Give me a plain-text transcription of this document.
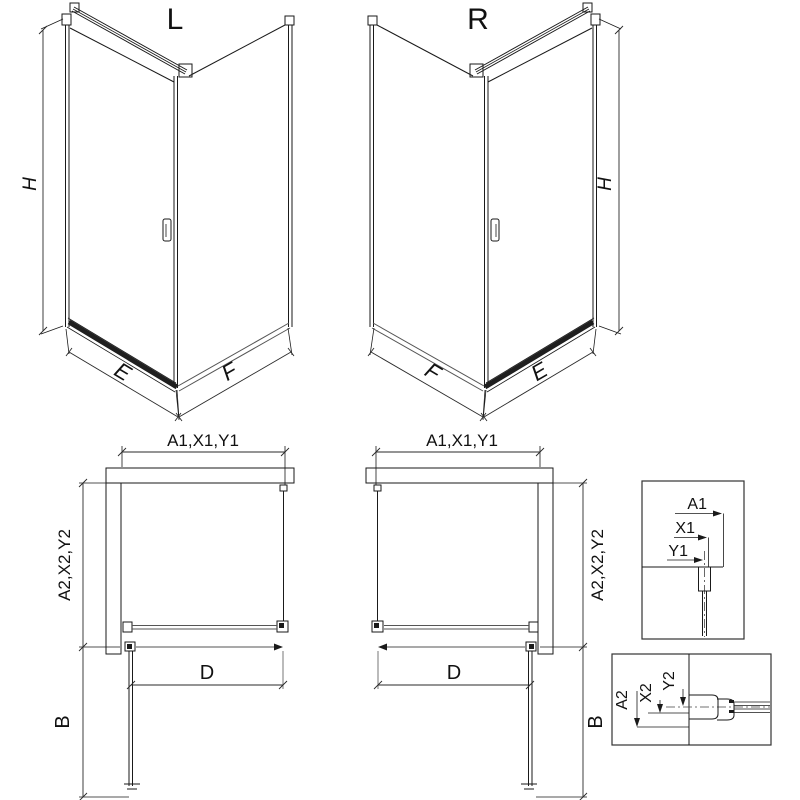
L
H
E	F
R
H
E
F
A1,X1,Y1
A2,X2,Y2
B
D
A1,X1,Y1
A2,X2,Y2
B
D
A1
X1
Y1
A2 X2
Y2
